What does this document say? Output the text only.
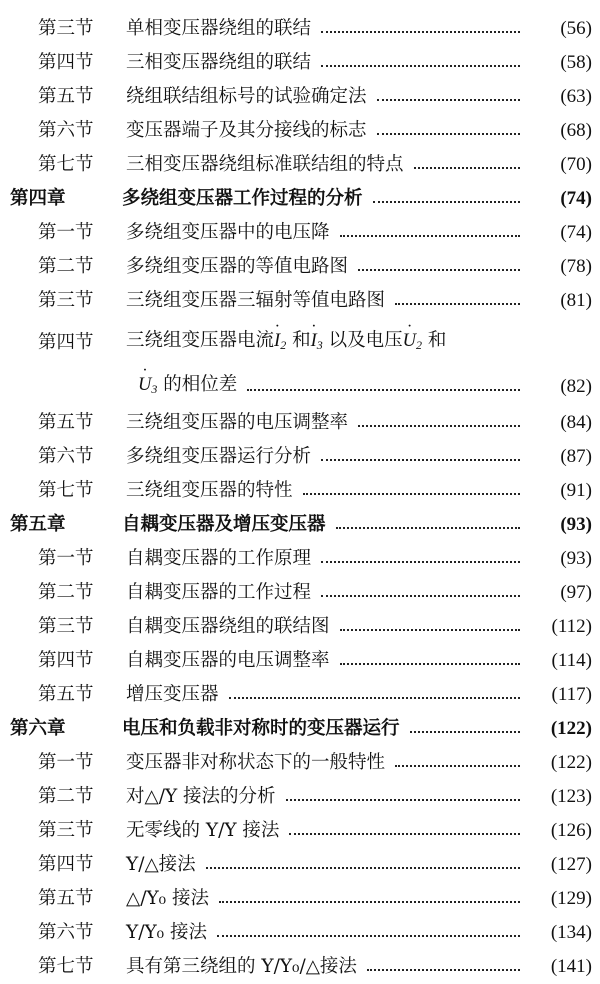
第三节	单相变压器绕组的联结	(56)
第四节	三相变压器绕组的联结	(58)
第五节	绕组联结组标号的试验确定法	(63)
第六节	变压器端子及其分接线的标志	(68)
第七节	三相变压器绕组标准联结组的特点	(70)
第四章	多绕组变压器工作过程的分析	(74)
第一节	多绕组变压器中的电压降	(74)
第二节	多绕组变压器的等值电路图	(78)
第三节	三绕组变压器三辐射等值电路图	(81)
第四节	三绕组变压器电流· $I_2$ 和· $I_3$ 以及电压· $U_2$ 和
· $U_3$ 的相位差	(82)
第五节	三绕组变压器的电压调整率	(84)
第六节	多绕组变压器运行分析	(87)
第七节	三绕组变压器的特性	(91)
第五章	自耦变压器及增压变压器	(93)
第一节	自耦变压器的工作原理	(93)
第二节	自耦变压器的工作过程	(97)
第三节	自耦变压器绕组的联结图	(112)
第四节	自耦变压器的电压调整率	(114)
第五节	增压变压器	(117)
第六章	电压和负载非对称时的变压器运行	(122)
第一节	变压器非对称状态下的一般特性	(122)
第二节	对△/Y 接法的分析	(123)
第三节	无零线的 Y/Y 接法	(126)
第四节	Y/△接法	(127)
第五节	△/Y₀ 接法	(129)
第六节	Y/Y₀ 接法	(134)
第七节	具有第三绕组的 Y/Y₀/△接法	(141)
